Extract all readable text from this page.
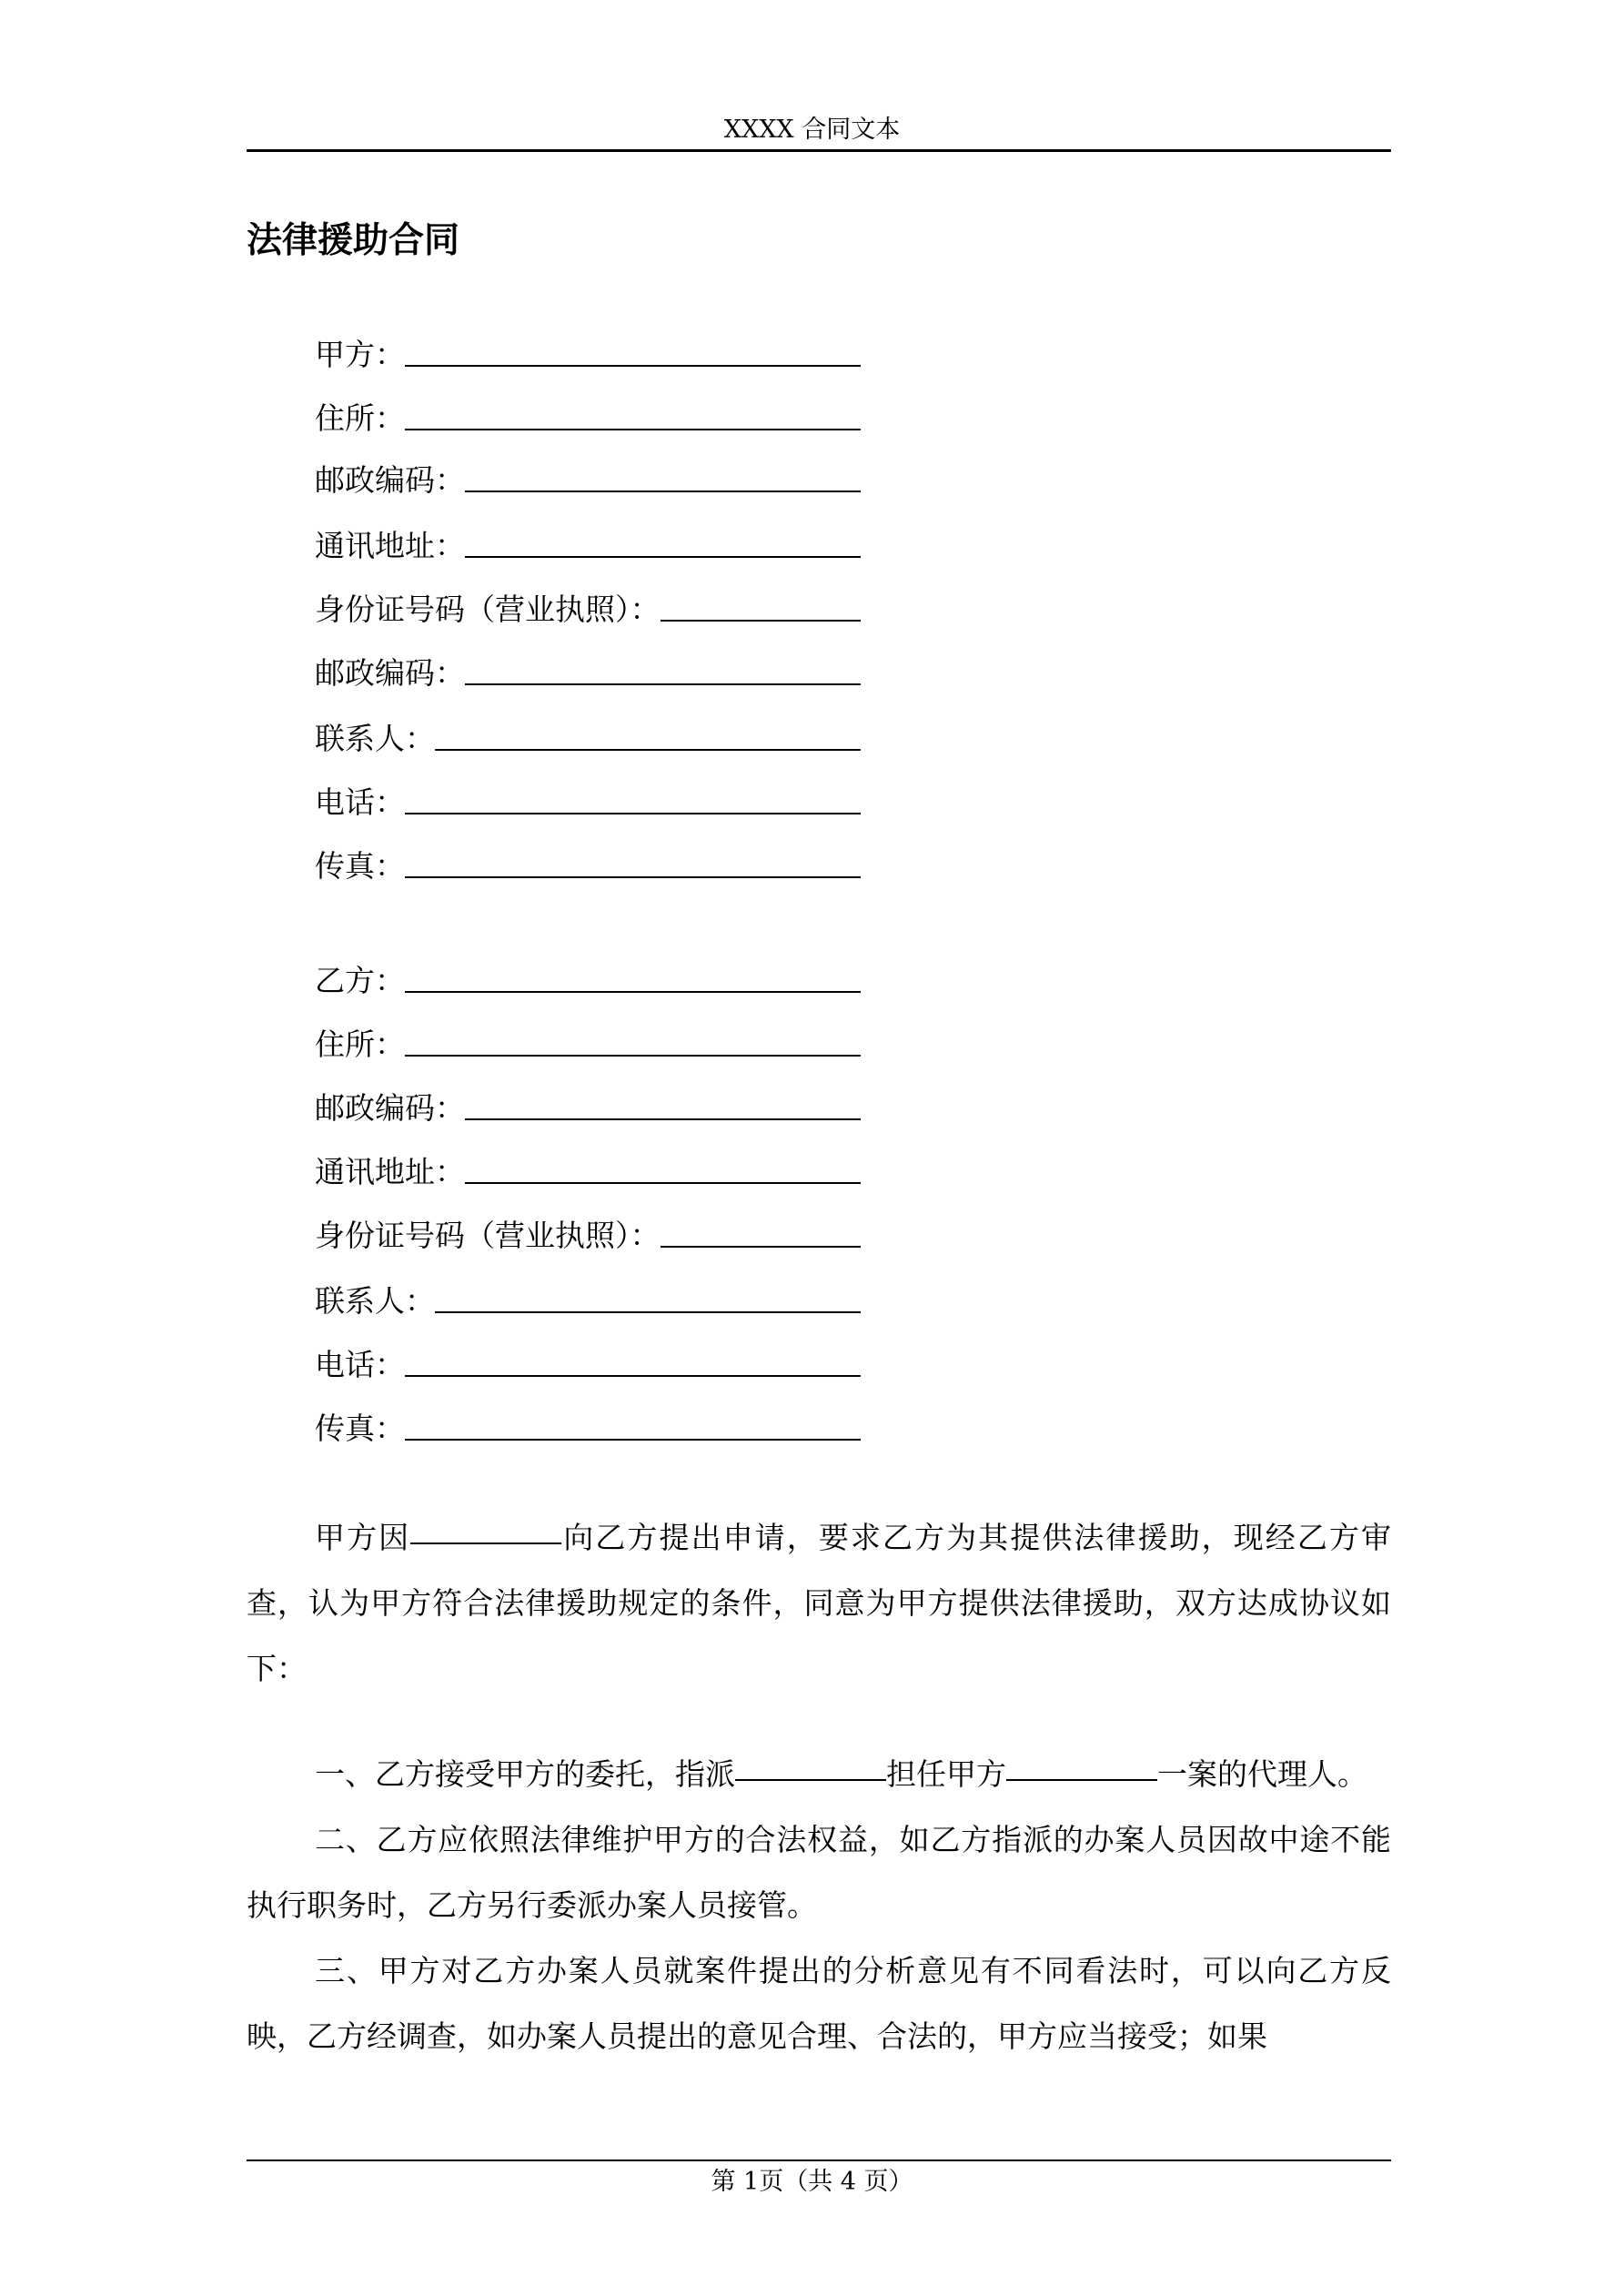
XXXX 合同文本
法律援助合同
甲方：
住所：
邮政编码：
通讯地址：
身份证号码（营业执照）：
邮政编码：
联系人：
电话：
传真：
乙方：
住所：
邮政编码：
通讯地址：
身份证号码（营业执照）：
联系人：
电话：
传真：
甲方因	向乙方提出申请，要求乙方为其提供法律援助，现经乙方审查，认为甲方符合法律援助规定的条件，同意为甲方提供法律援助，双方达成协议如下：
一、乙方接受甲方的委托，指派	担任甲方	一案的代理人。
二、乙方应依照法律维护甲方的合法权益，如乙方指派的办案人员因故中途不能执行职务时，乙方另行委派办案人员接管。
三、甲方对乙方办案人员就案件提出的分析意见有不同看法时，可以向乙方反映，乙方经调查，如办案人员提出的意见合理、合法的，甲方应当接受；如果
第 1页（共 4 页）
